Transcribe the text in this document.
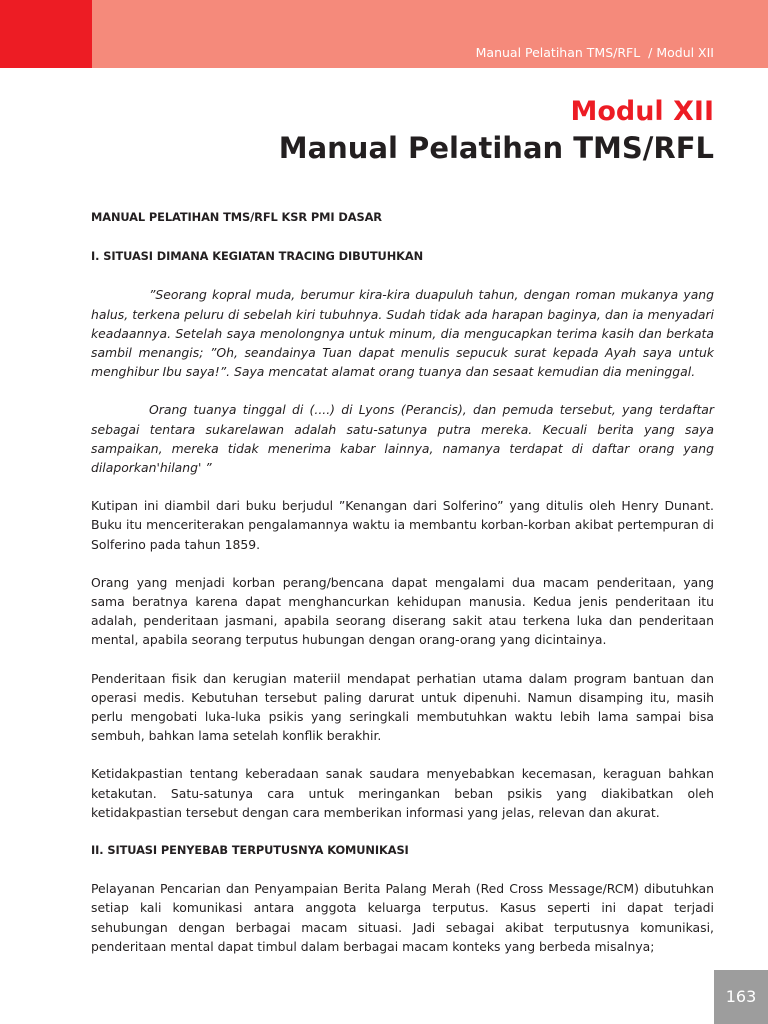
Manual Pelatihan TMS/RFL  / Modul XII
Modul XII
Manual Pelatihan TMS/RFL
MANUAL PELATIHAN TMS/RFL KSR PMI DASAR
I. SITUASI DIMANA KEGIATAN TRACING DIBUTUHKAN

”Seorang kopral muda, berumur kira-kira duapuluh tahun, dengan roman mukanya yang halus, terkena peluru di sebelah kiri tubuhnya. Sudah tidak ada harapan baginya, dan ia menyadari keadaannya. Setelah saya menolongnya untuk minum, dia mengucapkan terima kasih dan berkata sambil menangis; ”Oh, seandainya Tuan dapat menulis sepucuk surat kepada Ayah saya untuk menghibur Ibu saya!”. Saya mencatat alamat orang tuanya dan sesaat kemudian dia meninggal.

Orang tuanya tinggal di (....) di Lyons (Perancis), dan pemuda tersebut, yang terdaftar sebagai tentara sukarelawan adalah satu-satunya putra mereka. Kecuali berita yang saya sampaikan, mereka tidak menerima kabar lainnya, namanya terdapat di daftar orang yang dilaporkan'hilang' ”

Kutipan ini diambil dari buku berjudul ”Kenangan dari Solferino” yang ditulis oleh Henry Dunant. Buku itu menceriterakan pengalamannya waktu ia membantu korban-korban akibat pertempuran di Solferino pada tahun 1859.

Orang yang menjadi korban perang/bencana dapat mengalami dua macam penderitaan, yang sama beratnya karena dapat menghancurkan kehidupan manusia. Kedua jenis penderitaan itu adalah, penderitaan jasmani, apabila seorang diserang sakit atau terkena luka dan penderitaan mental, apabila seorang terputus hubungan dengan orang-orang yang dicintainya.

Penderitaan fisik dan kerugian materiil mendapat perhatian utama dalam program bantuan dan operasi medis. Kebutuhan tersebut paling darurat untuk dipenuhi. Namun disamping itu, masih perlu mengobati luka-luka psikis yang seringkali membutuhkan waktu lebih lama sampai bisa sembuh, bahkan lama setelah konflik berakhir.

Ketidakpastian tentang keberadaan sanak saudara menyebabkan kecemasan, keraguan bahkan ketakutan. Satu-satunya cara untuk meringankan beban psikis yang diakibatkan oleh ketidakpastian tersebut dengan cara memberikan informasi yang jelas, relevan dan akurat.

II. SITUASI PENYEBAB TERPUTUSNYA KOMUNIKASI

Pelayanan Pencarian dan Penyampaian Berita Palang Merah (Red Cross Message/RCM) dibutuhkan setiap kali komunikasi antara anggota keluarga terputus. Kasus seperti ini dapat terjadi sehubungan dengan berbagai macam situasi. Jadi sebagai akibat terputusnya komunikasi, penderitaan mental dapat timbul dalam berbagai macam konteks yang berbeda misalnya;

163
